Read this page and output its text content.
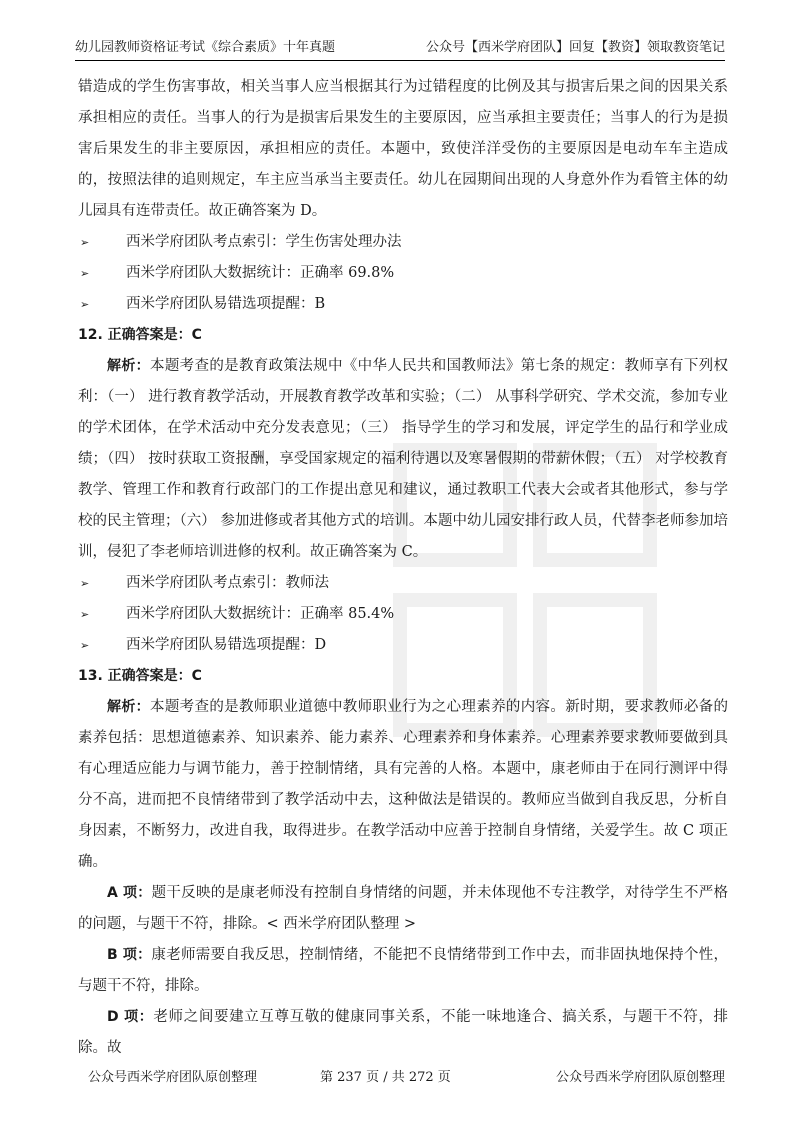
幼儿园教师资格证考试《综合素质》十年真题	公众号【西米学府团队】回复【教资】领取教资笔记

错造成的学生伤害事故，相关当事人应当根据其行为过错程度的比例及其与损害后果之间的因果关系承担相应的责任。当事人的行为是损害后果发生的主要原因，应当承担主要责任；当事人的行为是损害后果发生的非主要原因，承担相应的责任。本题中，致使洋洋受伤的主要原因是电动车车主造成的，按照法律的追则规定，车主应当承当主要责任。幼儿在园期间出现的人身意外作为看管主体的幼儿园具有连带责任。故正确答案为 D。

➢	西米学府团队考点索引：学生伤害处理办法

➢	西米学府团队大数据统计：正确率 69.8%

➢	西米学府团队易错选项提醒：B

12. 正确答案是：C

解析：本题考查的是教育政策法规中《中华人民共和国教师法》第七条的规定：教师享有下列权利：（一） 进行教育教学活动，开展教育教学改革和实验；（二） 从事科学研究、学术交流，参加专业的学术团体，在学术活动中充分发表意见；（三） 指导学生的学习和发展，评定学生的品行和学业成绩；（四） 按时获取工资报酬，享受国家规定的福利待遇以及寒暑假期的带薪休假；（五） 对学校教育教学、管理工作和教育行政部门的工作提出意见和建议，通过教职工代表大会或者其他形式，参与学校的民主管理；（六） 参加进修或者其他方式的培训。本题中幼儿园安排行政人员，代替李老师参加培训，侵犯了李老师培训进修的权利。故正确答案为 C。

➢	西米学府团队考点索引：教师法

➢	西米学府团队大数据统计：正确率 85.4%

➢	西米学府团队易错选项提醒：D

13. 正确答案是：C

解析：本题考查的是教师职业道德中教师职业行为之心理素养的内容。新时期，要求教师必备的素养包括：思想道德素养、知识素养、能力素养、心理素养和身体素养。心理素养要求教师要做到具有心理适应能力与调节能力，善于控制情绪，具有完善的人格。本题中，康老师由于在同行测评中得分不高，进而把不良情绪带到了教学活动中去，这种做法是错误的。教师应当做到自我反思，分析自身因素，不断努力，改进自我，取得进步。在教学活动中应善于控制自身情绪，关爱学生。故 C 项正确。

A 项：题干反映的是康老师没有控制自身情绪的问题，并未体现他不专注教学，对待学生不严格的问题，与题干不符，排除。< 西米学府团队整理 >

B 项：康老师需要自我反思，控制情绪，不能把不良情绪带到工作中去，而非固执地保持个性，与题干不符，排除。

D 项：老师之间要建立互尊互敬的健康同事关系，不能一味地逢合、搞关系，与题干不符，排除。故

公众号西米学府团队原创整理	第 237 页 / 共 272 页	公众号西米学府团队原创整理
